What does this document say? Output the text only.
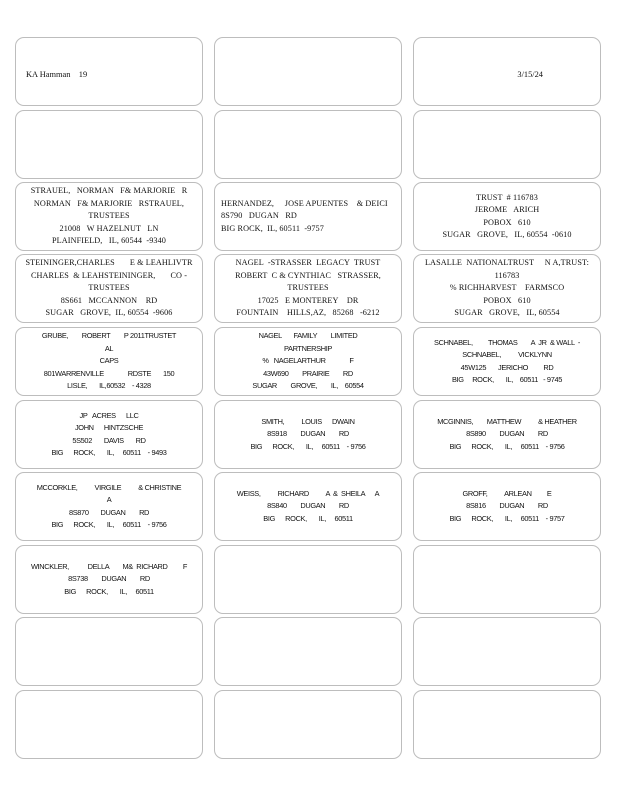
KA Hamman    19	3/15/24
STRAUEL,   NORMAN   F& MARJORIE   R
NORMAN   F& MARJORIE   RSTRAUEL,
TRUSTEES
21008   W HAZELNUT   LN
PLAINFIELD,   IL, 60544  -9340
HERNANDEZ,     JOSE APUENTES    & DEICI
8S790   DUGAN   RD
BIG ROCK,  IL, 60511  -9757
TRUST  # 116783
JEROME   ARICH
POBOX   610
SUGAR   GROVE,   IL, 60554  -0610
STEININGER,CHARLES       E & LEAHLIVTR
CHARLES  & LEAHSTEININGER,       CO -
TRUSTEES
8S661   MCCANNON    RD
SUGAR   GROVE,  IL, 60554  -9606
NAGEL  -STRASSER  LEGACY  TRUST
ROBERT  C & CYNTHIAC   STRASSER,
TRUSTEES
17025   E MONTEREY    DR
FOUNTAIN    HILLS,AZ,   85268   -6212
LASALLE  NATIONALTRUST     N A,TRUST:
116783
% RICHHARVEST    FARMSCO
POBOX   610
SUGAR   GROVE,   IL, 60554
GRUBE,        ROBERT        P 2011TRUSTET
AL
CAPS
801WARRENVILLE              RDSTE       150
LISLE,       IL,60532    - 4328
NAGEL       FAMILY        LIMITED
PARTNERSHIP
%   NAGELARTHUR              F
43W690        PRAIRIE        RD
SUGAR        GROVE,        IL,    60554
SCHNABEL,         THOMAS        A  JR  & WALL  -
SCHNABEL,          VICKLYNN
45W125       JERICHO         RD
BIG     ROCK,       IL,    60511   - 9745
JP   ACRES      LLC
JOHN      HINTZSCHE
5S502       DAVIS       RD
BIG      ROCK,       IL,     60511    - 9493
SMITH,          LOUIS      DWAIN
8S918        DUGAN        RD
BIG      ROCK,       IL,     60511    - 9756
MCGINNIS,        MATTHEW          & HEATHER
8S890        DUGAN        RD
BIG      ROCK,       IL,     60511    - 9756
MCCORKLE,          VIRGILE          & CHRISTINE
A
8S870       DUGAN        RD
BIG      ROCK,       IL,     60511    - 9756
WEISS,          RICHARD          A  &  SHEILA      A
8S840        DUGAN        RD
BIG      ROCK,       IL,     60511
GROFF,          ARLEAN         E
8S816        DUGAN        RD
BIG      ROCK,       IL,     60511    - 9757
WINCKLER,           DELLA        M&  RICHARD         F
8S738        DUGAN        RD
BIG      ROCK,       IL,     60511
